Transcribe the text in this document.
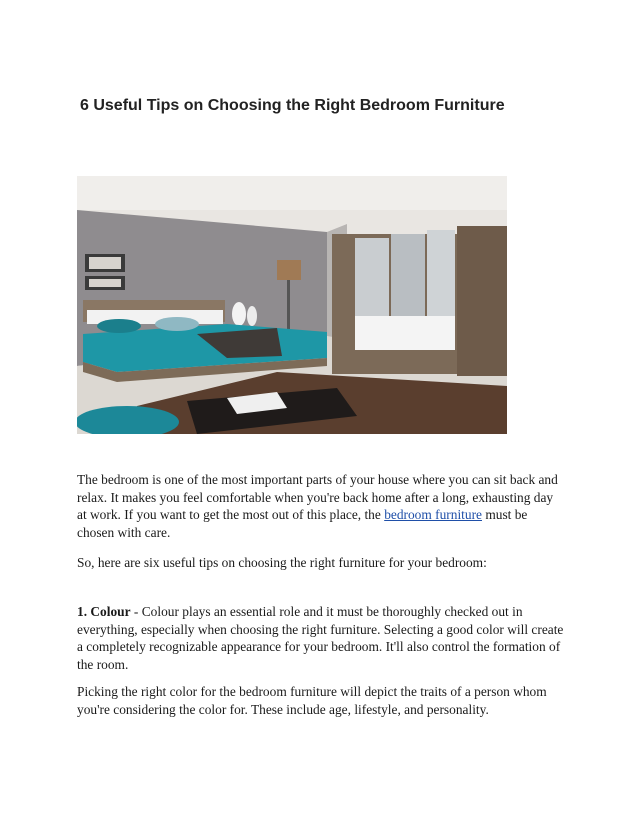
6 Useful Tips on Choosing the Right Bedroom Furniture

The bedroom is one of the most important parts of your house where you can sit back and relax. It makes you feel comfortable when you're back home after a long, exhausting day at work. If you want to get the most out of this place, the bedroom furniture must be chosen with care.

So, here are six useful tips on choosing the right furniture for your bedroom:

1. Colour - Colour plays an essential role and it must be thoroughly checked out in everything, especially when choosing the right furniture. Selecting a good color will create a completely recognizable appearance for your bedroom. It'll also control the formation of the room.

Picking the right color for the bedroom furniture will depict the traits of a person whom you're considering the color for. These include age, lifestyle, and personality.
